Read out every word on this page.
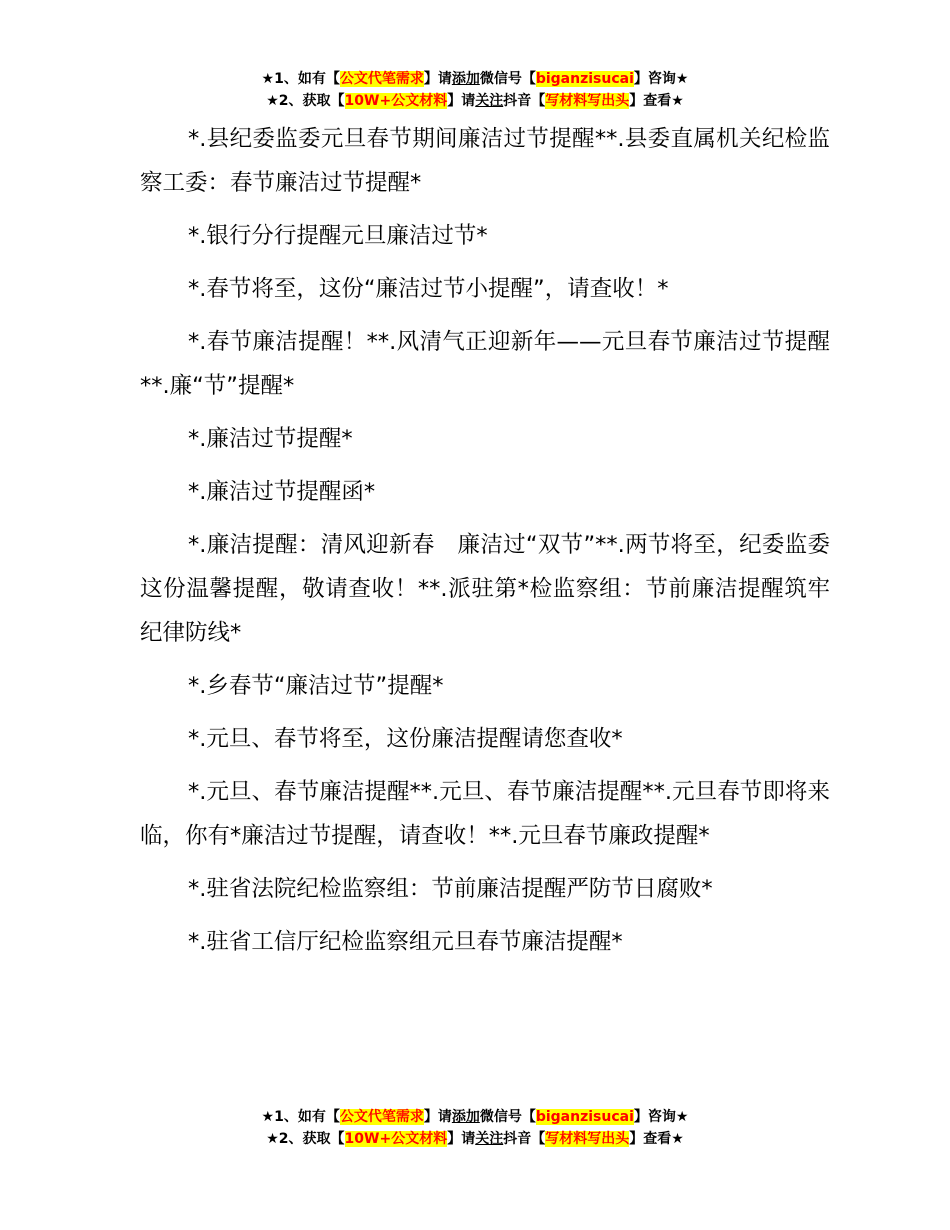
★1、如有【公文代笔需求】请添加微信号【biganzisucai】咨询★
★2、获取【10W+公文材料】请关注抖音【写材料写出头】查看★

*.县纪委监委元旦春节期间廉洁过节提醒**.县委直属机关纪检监察工委：春节廉洁过节提醒*

*.银行分行提醒元旦廉洁过节*

*.春节将至，这份“廉洁过节小提醒”，请查收！*

*.春节廉洁提醒！**.风清气正迎新年——元旦春节廉洁过节提醒**.廉“节”提醒*

*.廉洁过节提醒*

*.廉洁过节提醒函*

*.廉洁提醒：清风迎新春　廉洁过“双节”**.两节将至，纪委监委这份温馨提醒，敬请查收！**.派驻第*检监察组：节前廉洁提醒筑牢纪律防线*

*.乡春节“廉洁过节”提醒*

*.元旦、春节将至，这份廉洁提醒请您查收*

*.元旦、春节廉洁提醒**.元旦、春节廉洁提醒**.元旦春节即将来临，你有*廉洁过节提醒，请查收！**.元旦春节廉政提醒*

*.驻省法院纪检监察组：节前廉洁提醒严防节日腐败*

*.驻省工信厅纪检监察组元旦春节廉洁提醒*

★1、如有【公文代笔需求】请添加微信号【biganzisucai】咨询★
★2、获取【10W+公文材料】请关注抖音【写材料写出头】查看★
